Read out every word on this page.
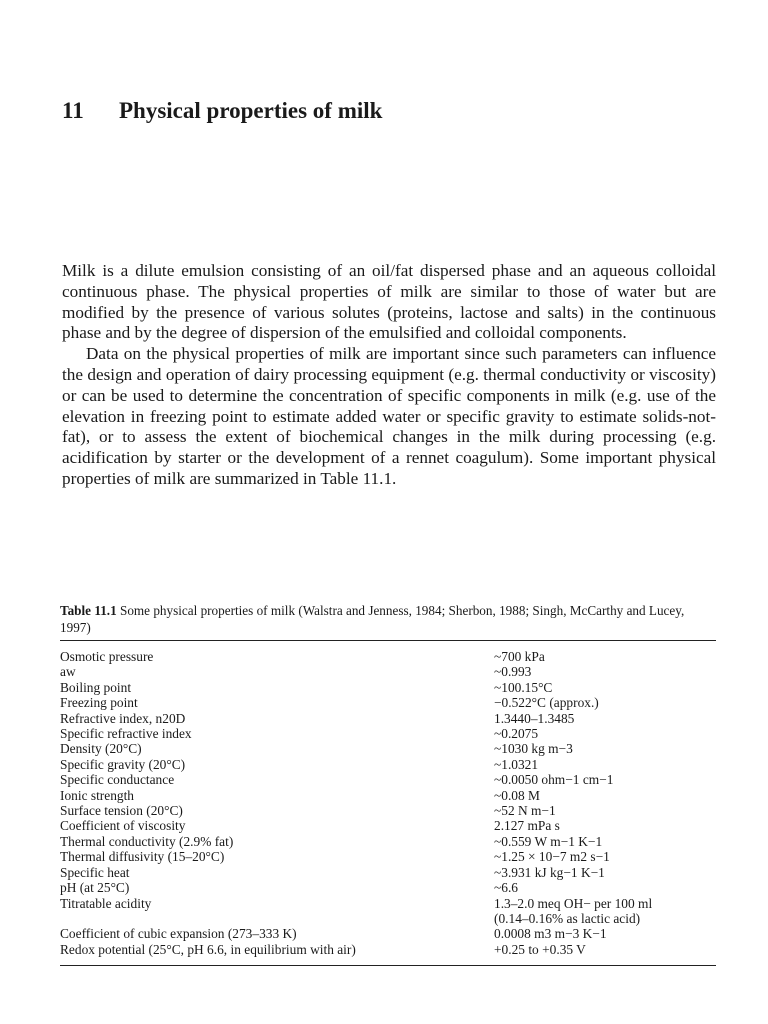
11 Physical properties of milk

Milk is a dilute emulsion consisting of an oil/fat dispersed phase and an aqueous colloidal continuous phase. The physical properties of milk are similar to those of water but are modified by the presence of various solutes (proteins, lactose and salts) in the continuous phase and by the degree of dispersion of the emulsified and colloidal components.

Data on the physical properties of milk are important since such parameters can influence the design and operation of dairy processing equipment (e.g. thermal conductivity or viscosity) or can be used to determine the concentration of specific components in milk (e.g. use of the elevation in freezing point to estimate added water or specific gravity to estimate solids-not-fat), or to assess the extent of biochemical changes in the milk during processing (e.g. acidification by starter or the development of a rennet coagulum). Some important physical properties of milk are summarized in Table 11.1.

Table 11.1 Some physical properties of milk (Walstra and Jenness, 1984; Sherbon, 1988; Singh, McCarthy and Lucey, 1997)
Osmotic pressure	~700 kPa
aw	~0.993
Boiling point	~100.15°C
Freezing point	−0.522°C (approx.)
Refractive index, n20D	1.3440–1.3485
Specific refractive index	~0.2075
Density (20°C)	~1030 kg m−3
Specific gravity (20°C)	~1.0321
Specific conductance	~0.0050 ohm−1 cm−1
Ionic strength	~0.08 M
Surface tension (20°C)	~52 N m−1
Coefficient of viscosity	2.127 mPa s
Thermal conductivity (2.9% fat)	~0.559 W m−1 K−1
Thermal diffusivity (15–20°C)	~1.25 × 10−7 m2 s−1
Specific heat	~3.931 kJ kg−1 K−1
pH (at 25°C)	~6.6
Titratable acidity	1.3–2.0 meq OH− per 100 ml
	(0.14–0.16% as lactic acid)
Coefficient of cubic expansion (273–333 K)	0.0008 m3 m−3 K−1
Redox potential (25°C, pH 6.6, in equilibrium with air)	+0.25 to +0.35 V
